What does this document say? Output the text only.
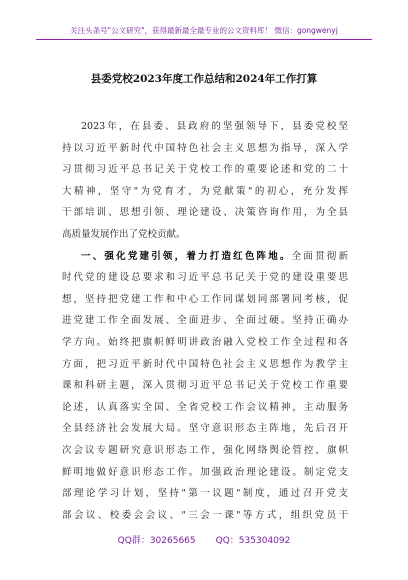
关注头条号"公文研究"，获得最新最全最专业的公文资料库！ 微信：gongwenyj
县委党校2023年度工作总结和2024年工作打算
2023年，在县委、县政府的坚强领导下，县委党校坚
持以习近平新时代中国特色社会主义思想为指导，深入学
习贯彻习近平总书记关于党校工作的重要论述和党的二十
大精神，坚守"为党育才，为党献策"的初心，充分发挥
干部培训、思想引领、理论建设、决策咨询作用，为全县
高质量发展作出了党校贡献。
一、强化党建引领，着力打造红色阵地。全面贯彻新
时代党的建设总要求和习近平总书记关于党的建设重要思
想，坚持把党建工作和中心工作同谋划同部署同考核，促
进党建工作全面发展、全面进步、全面过硬。坚持正确办
学方向。始终把旗帜鲜明讲政治融入党校工作全过程和各
方面，把习近平新时代中国特色社会主义思想作为教学主
课和科研主题，深入贯彻习近平总书记关于党校工作重要
论述，认真落实全国、全省党校工作会议精神，主动服务
全县经济社会发展大局。坚守意识形态主阵地，先后召开
次会议专题研究意识形态工作，强化网络舆论管控，旗帜
鲜明地做好意识形态工作。加强政治理论建设。制定党支
部理论学习计划，坚持"第一议题"制度，通过召开党支
部会议、校委会会议、"三会一课"等方式，组织党员干
QQ群：30265665 QQ：535304092
